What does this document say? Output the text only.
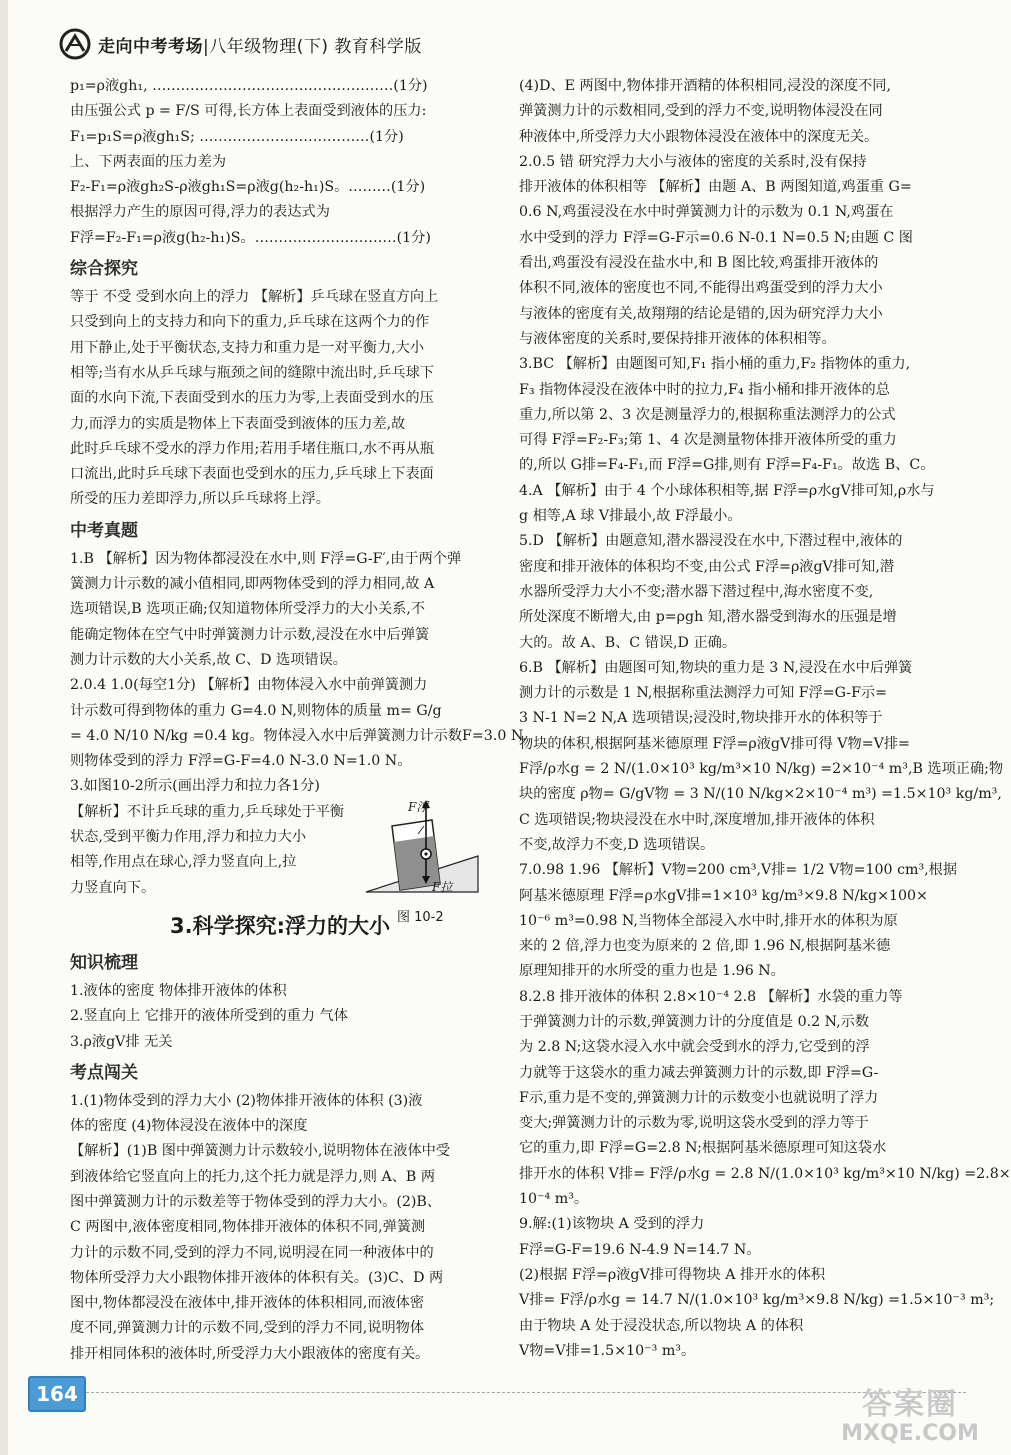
走向中考考场|八年级物理(下) 教育科学版
p₁=ρ液gh₁, ……………………………………………(1分)
由压强公式 p = F/S 可得,长方体上表面受到液体的压力:
F₁=p₁S=ρ液gh₁S; ………………………………(1分)
上、下两表面的压力差为
F₂-F₁=ρ液gh₂S-ρ液gh₁S=ρ液g(h₂-h₁)S。………(1分)
根据浮力产生的原因可得,浮力的表达式为
F浮=F₂-F₁=ρ液g(h₂-h₁)S。…………………………(1分)
综合探究
等于 不受 受到水向上的浮力 【解析】乒乓球在竖直方向上
只受到向上的支持力和向下的重力,乒乓球在这两个力的作
用下静止,处于平衡状态,支持力和重力是一对平衡力,大小
相等;当有水从乒乓球与瓶颈之间的缝隙中流出时,乒乓球下
面的水向下流,下表面受到水的压力为零,上表面受到水的压
力,而浮力的实质是物体上下表面受到液体的压力差,故
此时乒乓球不受水的浮力作用;若用手堵住瓶口,水不再从瓶
口流出,此时乒乓球下表面也受到水的压力,乒乓球上下表面
所受的压力差即浮力,所以乒乓球将上浮。
中考真题
1.B 【解析】因为物体都浸没在水中,则 F浮=G-F′,由于两个弹
簧测力计示数的减小值相同,即两物体受到的浮力相同,故 A
选项错误,B 选项正确;仅知道物体所受浮力的大小关系,不
能确定物体在空气中时弹簧测力计示数,浸没在水中后弹簧
测力计示数的大小关系,故 C、D 选项错误。
2.0.4 1.0(每空1分) 【解析】由物体浸入水中前弹簧测力
计示数可得到物体的重力 G=4.0 N,则物体的质量 m= G/g
= 4.0 N/10 N/kg =0.4 kg。物体浸入水中后弹簧测力计示数F=3.0 N,
则物体受到的浮力 F浮=G-F=4.0 N-3.0 N=1.0 N。
3.如图10-2所示(画出浮力和拉力各1分)
【解析】不计乒乓球的重力,乒乓球处于平衡
状态,受到平衡力作用,浮力和拉力大小
相等,作用点在球心,浮力竖直向上,拉
力竖直向下。
3.科学探究:浮力的大小
知识梳理
1.液体的密度 物体排开液体的体积
2.竖直向上 它排开的液体所受到的重力 气体
3.ρ液gV排 无关
考点闯关
1.(1)物体受到的浮力大小 (2)物体排开液体的体积 (3)液
体的密度 (4)物体浸没在液体中的深度
【解析】(1)B 图中弹簧测力计示数较小,说明物体在液体中受
到液体给它竖直向上的托力,这个托力就是浮力,则 A、B 两
图中弹簧测力计的示数差等于物体受到的浮力大小。(2)B、
C 两图中,液体密度相同,物体排开液体的体积不同,弹簧测
力计的示数不同,受到的浮力不同,说明浸在同一种液体中的
物体所受浮力大小跟物体排开液体的体积有关。(3)C、D 两
图中,物体都浸没在液体中,排开液体的体积相同,而液体密
度不同,弹簧测力计的示数不同,受到的浮力不同,说明物体
排开相同体积的液体时,所受浮力大小跟液体的密度有关。
F浮
F拉
图 10-2
(4)D、E 两图中,物体排开酒精的体积相同,浸没的深度不同,
弹簧测力计的示数相同,受到的浮力不变,说明物体浸没在同
种液体中,所受浮力大小跟物体浸没在液体中的深度无关。
2.0.5 错 研究浮力大小与液体的密度的关系时,没有保持
排开液体的体积相等 【解析】由题 A、B 两图知道,鸡蛋重 G=
0.6 N,鸡蛋浸没在水中时弹簧测力计的示数为 0.1 N,鸡蛋在
水中受到的浮力 F浮=G-F示=0.6 N-0.1 N=0.5 N;由题 C 图
看出,鸡蛋没有浸没在盐水中,和 B 图比较,鸡蛋排开液体的
体积不同,液体的密度也不同,不能得出鸡蛋受到的浮力大小
与液体的密度有关,故翔翔的结论是错的,因为研究浮力大小
与液体密度的关系时,要保持排开液体的体积相等。
3.BC 【解析】由题图可知,F₁ 指小桶的重力,F₂ 指物体的重力,
F₃ 指物体浸没在液体中时的拉力,F₄ 指小桶和排开液体的总
重力,所以第 2、3 次是测量浮力的,根据称重法测浮力的公式
可得 F浮=F₂-F₃;第 1、4 次是测量物体排开液体所受的重力
的,所以 G排=F₄-F₁,而 F浮=G排,则有 F浮=F₄-F₁。故选 B、C。
4.A 【解析】由于 4 个小球体积相等,据 F浮=ρ水gV排可知,ρ水与
g 相等,A 球 V排最小,故 F浮最小。
5.D 【解析】由题意知,潜水器浸没在水中,下潜过程中,液体的
密度和排开液体的体积均不变,由公式 F浮=ρ液gV排可知,潜
水器所受浮力大小不变;潜水器下潜过程中,海水密度不变,
所处深度不断增大,由 p=ρgh 知,潜水器受到海水的压强是增
大的。故 A、B、C 错误,D 正确。
6.B 【解析】由题图可知,物块的重力是 3 N,浸没在水中后弹簧
测力计的示数是 1 N,根据称重法测浮力可知 F浮=G-F示=
3 N-1 N=2 N,A 选项错误;浸没时,物块排开水的体积等于
物块的体积,根据阿基米德原理 F浮=ρ液gV排可得 V物=V排=
F浮/ρ水g = 2 N/(1.0×10³ kg/m³×10 N/kg) =2×10⁻⁴ m³,B 选项正确;物
块的密度 ρ物= G/gV物 = 3 N/(10 N/kg×2×10⁻⁴ m³) =1.5×10³ kg/m³,
C 选项错误;物块浸没在水中时,深度增加,排开液体的体积
不变,故浮力不变,D 选项错误。
7.0.98 1.96 【解析】V物=200 cm³,V排= 1/2 V物=100 cm³,根据
阿基米德原理 F浮=ρ水gV排=1×10³ kg/m³×9.8 N/kg×100×
10⁻⁶ m³=0.98 N,当物体全部浸入水中时,排开水的体积为原
来的 2 倍,浮力也变为原来的 2 倍,即 1.96 N,根据阿基米德
原理知排开的水所受的重力也是 1.96 N。
8.2.8 排开液体的体积 2.8×10⁻⁴ 2.8 【解析】水袋的重力等
于弹簧测力计的示数,弹簧测力计的分度值是 0.2 N,示数
为 2.8 N;这袋水浸入水中就会受到水的浮力,它受到的浮
力就等于这袋水的重力减去弹簧测力计的示数,即 F浮=G-
F示,重力是不变的,弹簧测力计的示数变小也就说明了浮力
变大;弹簧测力计的示数为零,说明这袋水受到的浮力等于
它的重力,即 F浮=G=2.8 N;根据阿基米德原理可知这袋水
排开水的体积 V排= F浮/ρ水g = 2.8 N/(1.0×10³ kg/m³×10 N/kg) =2.8×
10⁻⁴ m³。
9.解:(1)该物块 A 受到的浮力
F浮=G-F=19.6 N-4.9 N=14.7 N。
(2)根据 F浮=ρ液gV排可得物块 A 排开水的体积
V排= F浮/ρ水g = 14.7 N/(1.0×10³ kg/m³×9.8 N/kg) =1.5×10⁻³ m³;
由于物块 A 处于浸没状态,所以物块 A 的体积
V物=V排=1.5×10⁻³ m³。
164	答案圈
MXQE.COM
